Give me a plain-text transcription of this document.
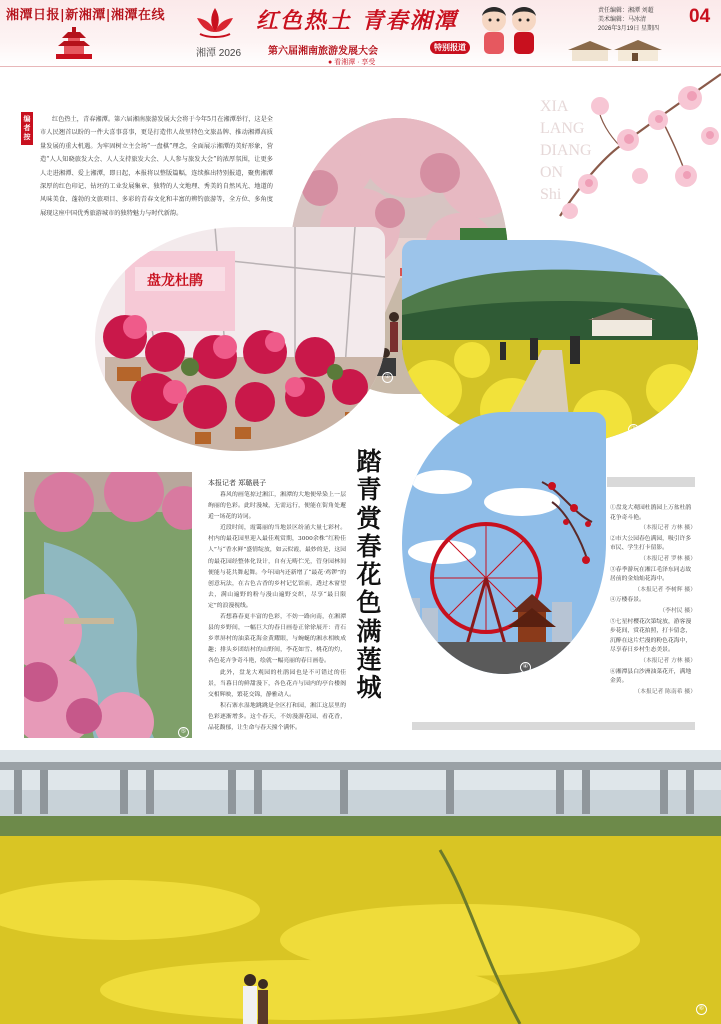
湘潭日报|新湘潭|湘潭在线
湘潭 2026
红色热土 青春湘潭
第六届湘南旅游发展大会	特别报道
● 看湘潭 · 享受
责任编辑：湘潭 刘超
美术编辑：马冰清
2026年3月19日 星期四
04
XIA
LANG
DIANG
ON
Shi
编者按
红色热土，青春湘潭。第六届湘南旅游发展大会将于今年5月在湘潭举行，这是全市人民翘首以盼的一件大喜事喜事，更是打造伟人故里特色文旅品牌、推动湘潭高质量发展的重大机遇。为牢固树立主会场“一盘棋”理念，全面展示湘潭的美好形象，营造“人人知晓旅发大会、人人支持旅发大会、人人参与旅发大会”的浓厚氛围，让更多人走进湘潭、爱上湘潭，即日起，本报将以整版篇幅，连续推出特别报道，聚焦湘潭深厚的红色印记、钻坯的工业发展集章、独特的人文地理、秀美的自然风光、地道的风味美食、蓬勃的文旅项目、多彩的青春文化和丰富的辨钓旅游等，全方位、多角度展现这座中国优秀旅游城市的独特魅力与时代新韵。
②
盘龙杜鹃
①
③
④
⑤
本报记者 郑璐晨子

暮风的画笔掠过湘江，湘潭的大地便晕染上一层绚丽的色彩。此时漫城，无需远行，便能在街角处邂逅一场花的诗词。

近段时间，霞霭丽的当地景区纷涌大量七彩村。村内的最花园里迎入最佳观赏期，3000余株“红粉佳人”与“香水鲜”盛情绽放，如云似霞，最妙的是，这园的最花园经整体化设计，自有无畴伫光，管身园林间便能与花共舞起舞。今年园内还新增了“最花·鸡锣”的创意玩法，在古色古香的乡村记忆馆前，透过木窗望去，满山遍野的粉与漫山遍野交织，尽享“最日限定”的浪漫视线。

若想暮春更丰富的色彩，不妨一路向南，在湘潭县的乡野间，一幅巨大的春日画卷正徐徐展开：青石乡翠屏村的油菜花海金黄耀眼，与蜿蜒的湘水相映成趣；排头乡团结村的山野间，李花如雪、桃花的灼，各色花卉争奇斗艳，绘就一幅亮丽的春日画卷。

此外，盘龙大观园的杜鹃园也是不可错过的佳景，当暮日的鲜甜漫下，各色花卉与园内的亭台楼阁交相辉映，繁花交锦，静雅动人。

积石寨水湿地跳跳是全区打和园，湘江这层里的色彩逐渐增多。这个春天，不妨漫游花园、看花香，品花馥郁，让生命与春天撞个满怀。

踏青赏春 花色满莲城

①盘龙大观园杜鹃园上万盆杜鹃花争奇斗艳。

（本报记者 方林 摄）

②市大公园春色满园，吸引许多市民、学生打卡留影。

（本报记者 罗林 摄）

③春季游玩在湘江毛泽东同志故居前的金灿灿花海中。

（本报记者 李树辉 摄）

④万楼春景。

（李村民 摄）

⑤七星村樱花次第绽放，游客漫步花间，赏花拍照，打卡留念，沉醉在这片烂漫的粉色花海中，尽享春日乡村生态美景。

（本报记者 方林 摄）

⑥湘潭县白沙洲油菜花开，满地金黄。

（本报记者 陈南希 摄）

⑥
